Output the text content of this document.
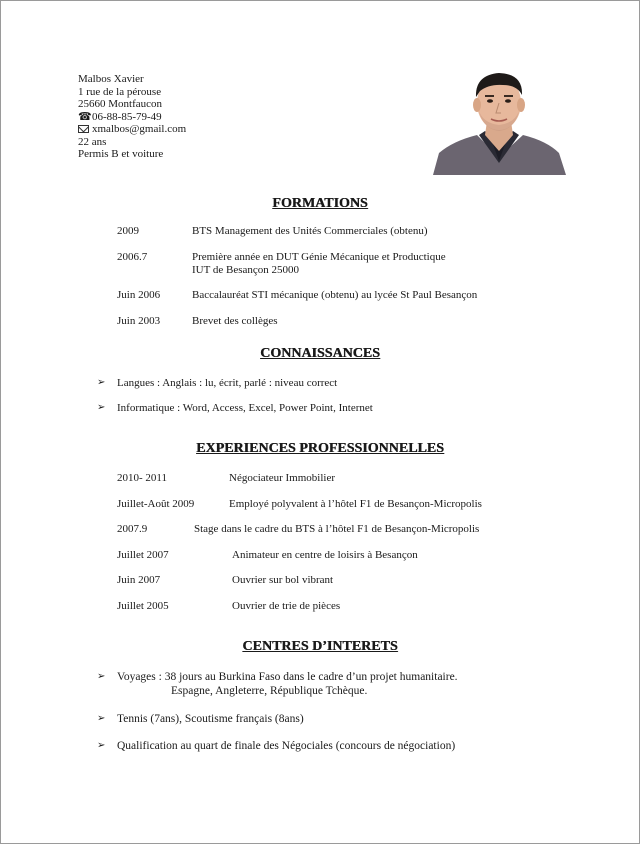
Malbos Xavier
1 rue de la pérouse
25660 Montfaucon
☎06-88-85-79-49
xmalbos@gmail.com
22 ans
Permis B et voiture
FORMATIONS
2009	BTS Management des Unités Commerciales (obtenu)
2006.7	Première année en DUT Génie Mécanique et Productique
IUT de Besançon 25000
Juin 2006	Baccalauréat STI mécanique (obtenu) au lycée St Paul Besançon
Juin 2003	Brevet des collèges
CONNAISSANCES
➢ Langues : Anglais : lu, écrit, parlé : niveau correct
➢ Informatique : Word, Access, Excel, Power Point, Internet
EXPERIENCES PROFESSIONNELLES
2010- 2011	Négociateur Immobilier
Juillet-Août 2009	Employé polyvalent à l’hôtel F1 de Besançon-Micropolis
2007.9	Stage dans le cadre du BTS à l’hôtel F1 de Besançon-Micropolis
Juillet 2007	Animateur en centre de loisirs à Besançon
Juin 2007	Ouvrier sur bol vibrant
Juillet 2005	Ouvrier de trie de pièces
CENTRES D’INTERETS
➢ Voyages : 38 jours au Burkina Faso dans le cadre d’un projet humanitaire.
Espagne, Angleterre, République Tchèque.
➢ Tennis (7ans), Scoutisme français (8ans)
➢ Qualification au quart de finale des Négociales (concours de négociation)
